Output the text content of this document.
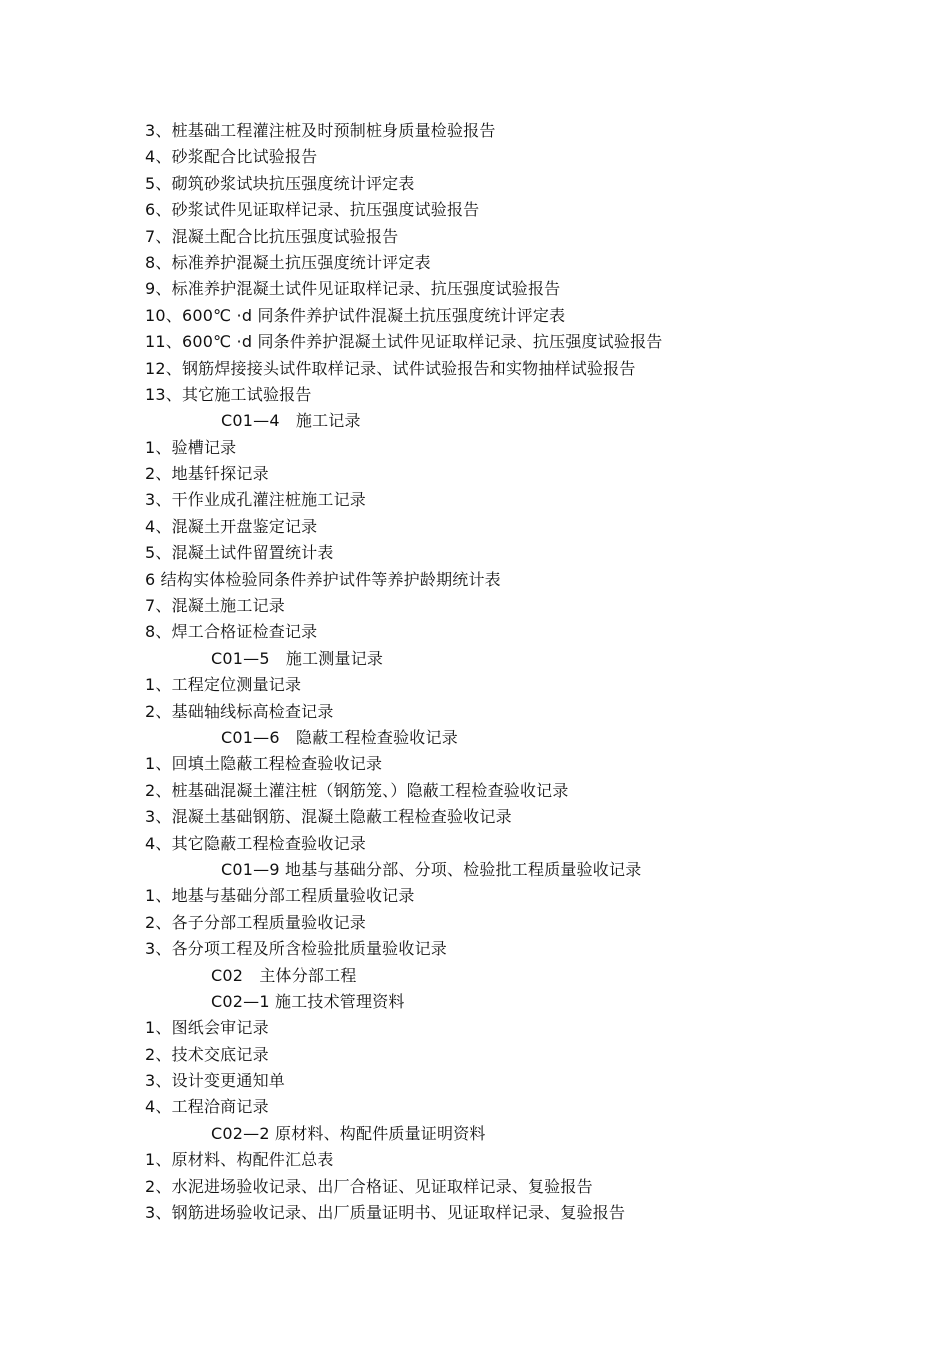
3、桩基础工程灌注桩及时预制桩身质量检验报告
4、砂浆配合比试验报告
5、砌筑砂浆试块抗压强度统计评定表
6、砂浆试件见证取样记录、抗压强度试验报告
7、混凝土配合比抗压强度试验报告
8、标准养护混凝土抗压强度统计评定表
9、标准养护混凝土试件见证取样记录、抗压强度试验报告
10、600℃ ·d 同条件养护试件混凝土抗压强度统计评定表
11、600℃ ·d 同条件养护混凝土试件见证取样记录、抗压强度试验报告
12、钢筋焊接接头试件取样记录、试件试验报告和实物抽样试验报告
13、其它施工试验报告
C01—4　施工记录
1、验槽记录
2、地基钎探记录
3、干作业成孔灌注桩施工记录
4、混凝土开盘鉴定记录
5、混凝土试件留置统计表
6 结构实体检验同条件养护试件等养护龄期统计表
7、混凝土施工记录
8、焊工合格证检查记录
C01—5　施工测量记录
1、工程定位测量记录
2、基础轴线标高检查记录
C01—6　隐蔽工程检查验收记录
1、回填土隐蔽工程检查验收记录
2、桩基础混凝土灌注桩（钢筋笼、）隐蔽工程检查验收记录
3、混凝土基础钢筋、混凝土隐蔽工程检查验收记录
4、其它隐蔽工程检查验收记录
C01—9 地基与基础分部、分项、检验批工程质量验收记录
1、地基与基础分部工程质量验收记录
2、各子分部工程质量验收记录
3、各分项工程及所含检验批质量验收记录
C02　主体分部工程
C02—1 施工技术管理资料
1、图纸会审记录
2、技术交底记录
3、设计变更通知单
4、工程洽商记录
C02—2 原材料、构配件质量证明资料
1、原材料、构配件汇总表
2、水泥进场验收记录、出厂合格证、见证取样记录、复验报告
3、钢筋进场验收记录、出厂质量证明书、见证取样记录、复验报告
